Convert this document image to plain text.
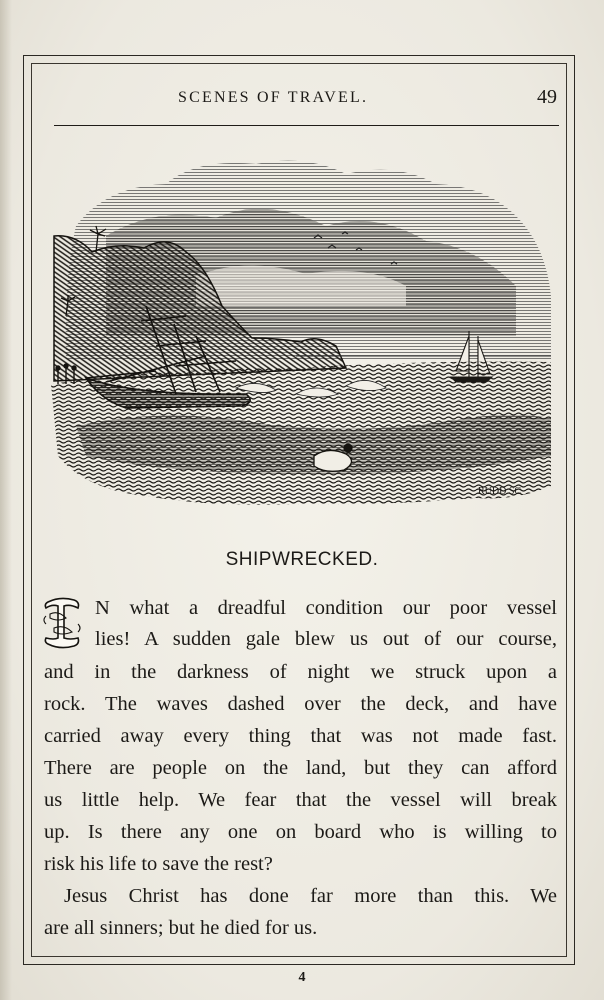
SCENES OF TRAVEL.	49
RUDD SC
SHIPWRECKED.
N what a dreadful condition our poor vessel
lies! A sudden gale blew us out of our course,
and in the darkness of night we struck upon a
rock. The waves dashed over the deck, and have
carried away every thing that was not made fast.
There are people on the land, but they can afford
us little help. We fear that the vessel will break
up. Is there any one on board who is willing to
risk his life to save the rest?
Jesus Christ has done far more than this. We
are all sinners; but he died for us.
4
